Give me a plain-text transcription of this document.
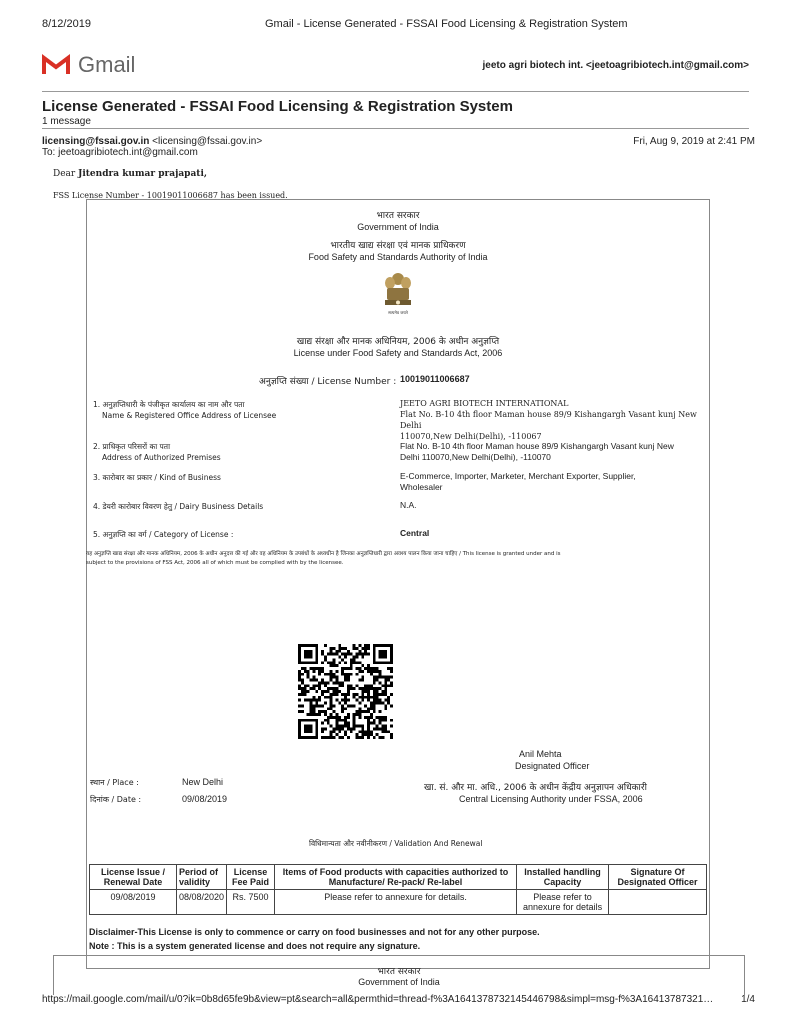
8/12/2019	Gmail - License Generated - FSSAI Food Licensing & Registration System
Gmail	jeeto agri biotech int. <jeetoagribiotech.int@gmail.com>
License Generated - FSSAI Food Licensing & Registration System
1 message
licensing@fssai.gov.in <licensing@fssai.gov.in>
To: jeetoagribiotech.int@gmail.com
Fri, Aug 9, 2019 at 2:41 PM
Dear Jitendra kumar prajapati,
FSS License Number - 10019011006687 has been issued.
भारत सरकार
Government of India
भारतीय खाद्य संरक्षा एवं मानक प्राधिकरण
Food Safety and Standards Authority of India
सत्यमेव जयते
खाद्य संरक्षा और मानक अधिनियम, 2006 के अधीन अनुज्ञप्ति
License under Food Safety and Standards Act, 2006
अनुज्ञप्ति संख्या / License Number : 10019011006687
1. अनुज्ञप्तिधारी के पंजीकृत कार्यालय का नाम और पता
Name & Registered Office Address of Licensee
JEETO AGRI BIOTECH INTERNATIONAL
Flat No. B-10 4th floor Maman house 89/9 Kishangargh Vasant kunj New Delhi
110070,New Delhi(Delhi), -110067
2. प्राधिकृत परिसरों का पता
Address of Authorized Premises
Flat No. B-10 4th floor Maman house 89/9 Kishangargh Vasant kunj New
Delhi 110070,New Delhi(Delhi), -110070
3. कारोबार का प्रकार / Kind of Business	E-Commerce, Importer, Marketer, Merchant Exporter, Supplier,
Wholesaler
4. डेयरी कारोबार विवरण हेतु / Dairy Business Details	N.A.
5. अनुज्ञप्ति का वर्ग / Category of License :	Central
यह अनुज्ञप्ति खाद्य संरक्षा और मानक अधिनियम, 2006 के अधीन अनुदत्त की गई और वह अधिनियम के उपबंधों के अध्यधीन है जिनका अनुज्ञप्तिधारी द्वारा अवश्य पालन किया जाना चाहिए / This license is granted under and is
subject to the provisions of FSS Act, 2006 all of which must be complied with by the licensee.
Anil Mehta
Designated Officer
स्थान / Place :	New Delhi
दिनांक / Date :	09/08/2019
खा. सं. और मा. अधि., 2006 के अधीन केंद्रीय अनुज्ञापन अधिकारी
Central Licensing Authority under FSSA, 2006
विधिमान्यता और नवीनीकरण / Validation And Renewal
License Issue / Renewal Date	Period of validity	License Fee Paid	Items of Food products with capacities authorized to Manufacture/ Re-pack/ Re-label	Installed handling Capacity	Signature Of Designated Officer
09/08/2019	08/08/2020	Rs. 7500	Please refer to annexure for details.	Please refer to annexure for details	
Disclaimer-This License is only to commence or carry on food businesses and not for any other purpose.
Note : This is a system generated license and does not require any signature.
भारत सरकार
Government of India
https://mail.google.com/mail/u/0?ik=0b8d65fe9b&view=pt&search=all&permthid=thread-f%3A1641378732145446798&simpl=msg-f%3A16413787321…	1/4
